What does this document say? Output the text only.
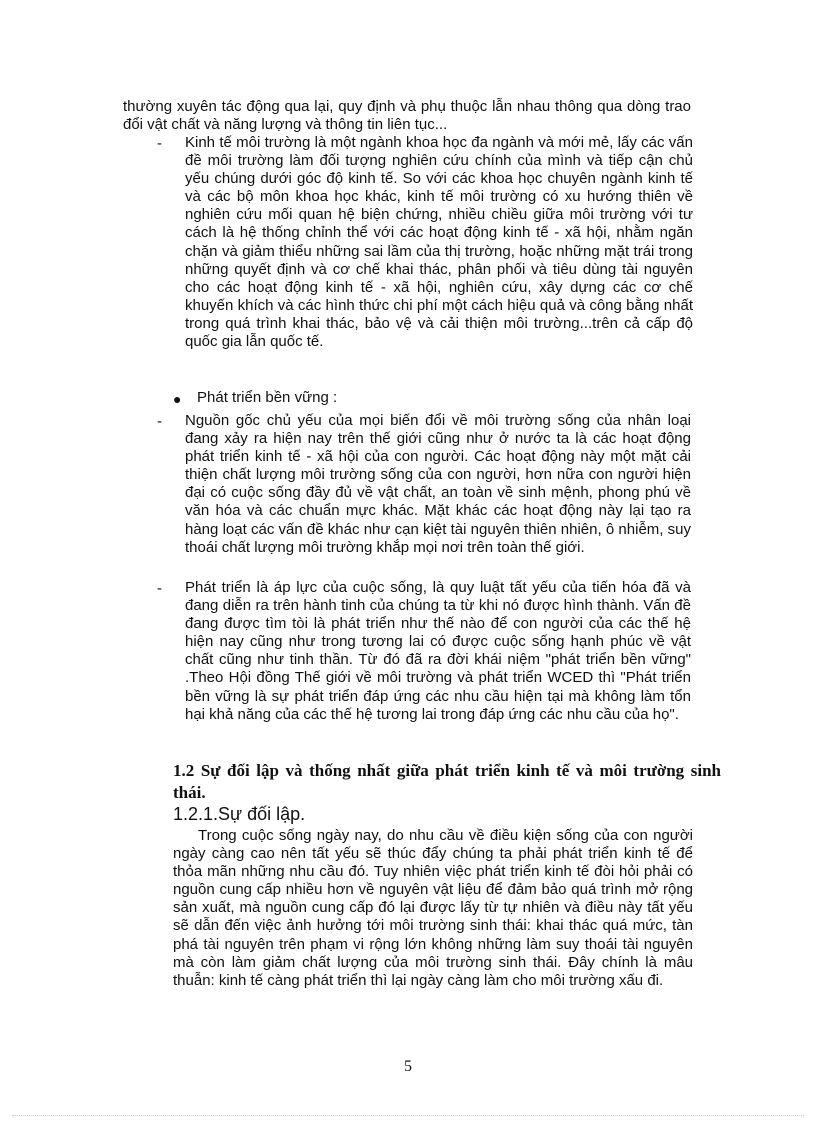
thường xuyên tác động qua lại, quy định và phụ thuộc lẫn nhau thông qua dòng trao đổi vật chất và năng lượng và thông tin liên tục...

- Kinh tế môi trường là một ngành khoa học đa ngành và mới mẻ, lấy các vấn đề môi trường làm đối tượng nghiên cứu chính của mình và tiếp cận chủ yếu chúng dưới góc độ kinh tế. So với các khoa học chuyên ngành kinh tế và các bộ môn khoa học khác, kinh tế môi trường có xu hướng thiên về nghiên cứu mối quan hệ biện chứng, nhiều chiều giữa môi trường với tư cách là hệ thống chỉnh thể với các hoạt động kinh tế - xã hội, nhằm ngăn chặn và giảm thiểu những sai lầm của thị trường, hoặc những mặt trái trong những quyết định và cơ chế khai thác, phân phối và tiêu dùng tài nguyên cho các hoạt động kinh tế - xã hội, nghiên cứu, xây dựng các cơ chế khuyến khích và các hình thức chi phí một cách hiệu quả và công bằng nhất trong quá trình khai thác, bảo vệ và cải thiện môi trường...trên cả cấp độ quốc gia lẫn quốc tế.

● Phát triển bền vững :

- Nguồn gốc chủ yếu của mọi biến đổi về môi trường sống của nhân loại đang xảy ra hiện nay trên thế giới cũng như ở nước ta là các hoạt động phát triển kinh tế - xã hội của con người. Các hoạt động này một mặt cải thiện chất lượng môi trường sống của con người, hơn nữa con người hiện đại có cuộc sống đầy đủ về vật chất, an toàn về sinh mệnh, phong phú về văn hóa và các chuẩn mực khác. Mặt khác các hoạt động này lại tạo ra hàng loạt các vấn đề khác như cạn kiệt tài nguyên thiên nhiên, ô nhiễm, suy thoái chất lượng môi trường khắp mọi nơi trên toàn thế giới.

- Phát triển là áp lực của cuộc sống, là quy luật tất yếu của tiến hóa đã và đang diễn ra trên hành tinh của chúng ta từ khi nó được hình thành. Vấn đề đang được tìm tòi là phát triển như thế nào để con người của các thế hệ hiện nay cũng như trong tương lai có được cuộc sống hạnh phúc về vật chất cũng như tinh thần. Từ đó đã ra đời khái niệm "phát triển bền vững" .Theo Hội đồng Thế giới về môi trường và phát triển WCED thì "Phát triển bền vững là sự phát triển đáp ứng các nhu cầu hiện tại mà không làm tổn hại khả năng của các thế hệ tương lai trong đáp ứng các nhu cầu của họ".

1.2 Sự đối lập và thống nhất giữa phát triển kinh tế và môi trường sinh thái.
1.2.1.Sự đối lập.

Trong cuộc sống ngày nay, do nhu cầu về điều kiện sống của con người ngày càng cao nên tất yếu sẽ thúc đẩy chúng ta phải phát triển kinh tế để thỏa mãn những nhu cầu đó. Tuy nhiên việc phát triển kinh tế đòi hỏi phải có nguồn cung cấp nhiều hơn về nguyên vật liệu để đảm bảo quá trình mở rộng sản xuất, mà nguồn cung cấp đó lại được lấy từ tự nhiên và điều này tất yếu sẽ dẫn đến việc ảnh hưởng tới môi trường sinh thái: khai thác quá mức, tàn phá tài nguyên trên phạm vi rộng lớn không những làm suy thoái tài nguyên mà còn làm giảm chất lượng của môi trường sinh thái. Đây chính là mâu thuẫn: kinh tế càng phát triển thì lại ngày càng làm cho môi trường xấu đi.

5
